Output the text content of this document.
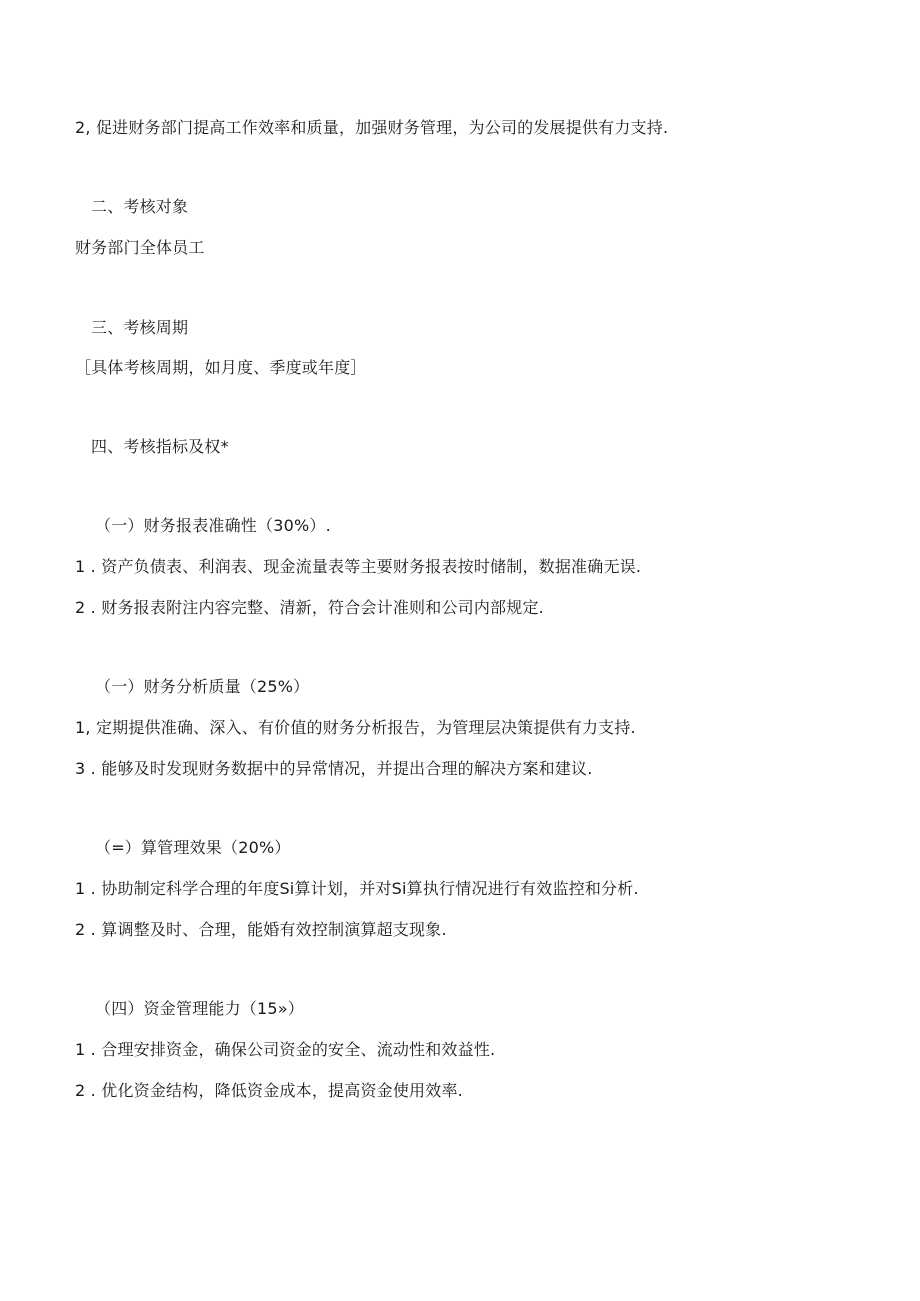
2, 促进财务部门提高工作效率和质量，加强财务管理，为公司的发展提供有力支持.
二、考核对象
财务部门全体员工
三、考核周期
［具体考核周期，如月度、季度或年度］
四、考核指标及权*
（一）财务报表准确性（30%）.
1 . 资产负债表、利润表、现金流量表等主要财务报表按时储制，数据准确无误.
2 . 财务报表附注内容完整、清新，符合会计准则和公司内部规定.
（一）财务分析质量（25%）
1, 定期提供准确、深入、有价值的财务分析报告，为管理层决策提供有力支持.
3 . 能够及时发现财务数据中的异常情况，并提出合理的解决方案和建议.
（=）算管理效果（20%）
1 . 协助制定科学合理的年度Si算计划，并对Si算执行情况进行有效监控和分析.
2 . 算调整及时、合理，能婚有效控制演算超支现象.
（四）资金管理能力（15»）
1 . 合理安排资金，确保公司资金的安全、流动性和效益性.
2 . 优化资金结构，降低资金成本，提高资金使用效率.
